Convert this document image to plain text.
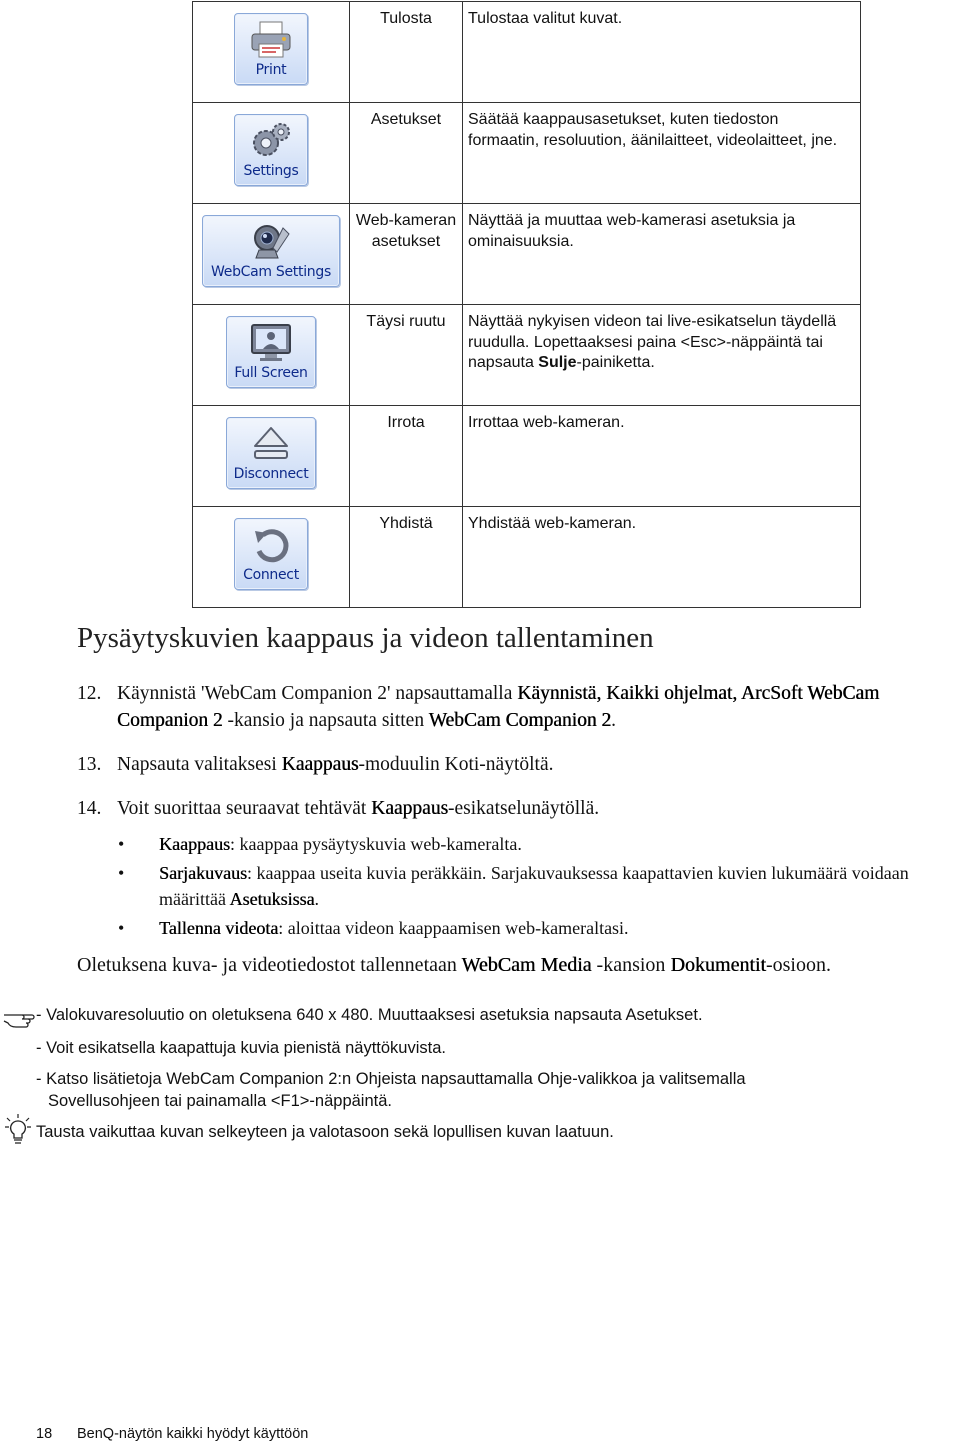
Print	Tulosta	Tulostaa valitut kuvat.

Settings	Asetukset	Säätää kaappausasetukset, kuten tiedoston formaatin, resoluution, äänilaitteet, videolaitteet, jne.

WebCam Settings	Web-kameran asetukset	Näyttää ja muuttaa web-kamerasi asetuksia ja ominaisuuksia.

Full Screen	Täysi ruutu	Näyttää nykyisen videon tai live-esikatselun täydellä ruudulla. Lopettaaksesi paina <Esc>-näppäintä tai napsauta Sulje-painiketta.

Disconnect	Irrota	Irrottaa web-kameran.

Connect	Yhdistä	Yhdistää web-kameran.
Pysäytyskuvien kaappaus ja videon tallentaminen
12. Käynnistä 'WebCam Companion 2' napsauttamalla Käynnistä, Kaikki ohjelmat, ArcSoft WebCam Companion 2 -kansio ja napsauta sitten WebCam Companion 2.
13. Napsauta valitaksesi Kaappaus-moduulin Koti-näytöltä.
14. Voit suorittaa seuraavat tehtävät Kaappaus-esikatselunäytöllä.
• Kaappaus: kaappaa pysäytyskuvia web-kameralta.
• Sarjakuvaus: kaappaa useita kuvia peräkkäin. Sarjakuvauksessa kaapattavien kuvien lukumäärä voidaan määrittää Asetuksissa.
• Tallenna videota: aloittaa videon kaappaamisen web-kameraltasi.
Oletuksena kuva- ja videotiedostot tallennetaan WebCam Media -kansion Dokumentit-osioon.
- Valokuvaresoluutio on oletuksena 640 x 480. Muuttaaksesi asetuksia napsauta Asetukset.
- Voit esikatsella kaapattuja kuvia pienistä näyttökuvista.
- Katso lisätietoja WebCam Companion 2:n Ohjeista napsauttamalla Ohje-valikkoa ja valitsemalla
Sovellusohjeen tai painamalla <F1>-näppäintä.
Tausta vaikuttaa kuvan selkeyteen ja valotasoon sekä lopullisen kuvan laatuun.
18 BenQ-näytön kaikki hyödyt käyttöön
